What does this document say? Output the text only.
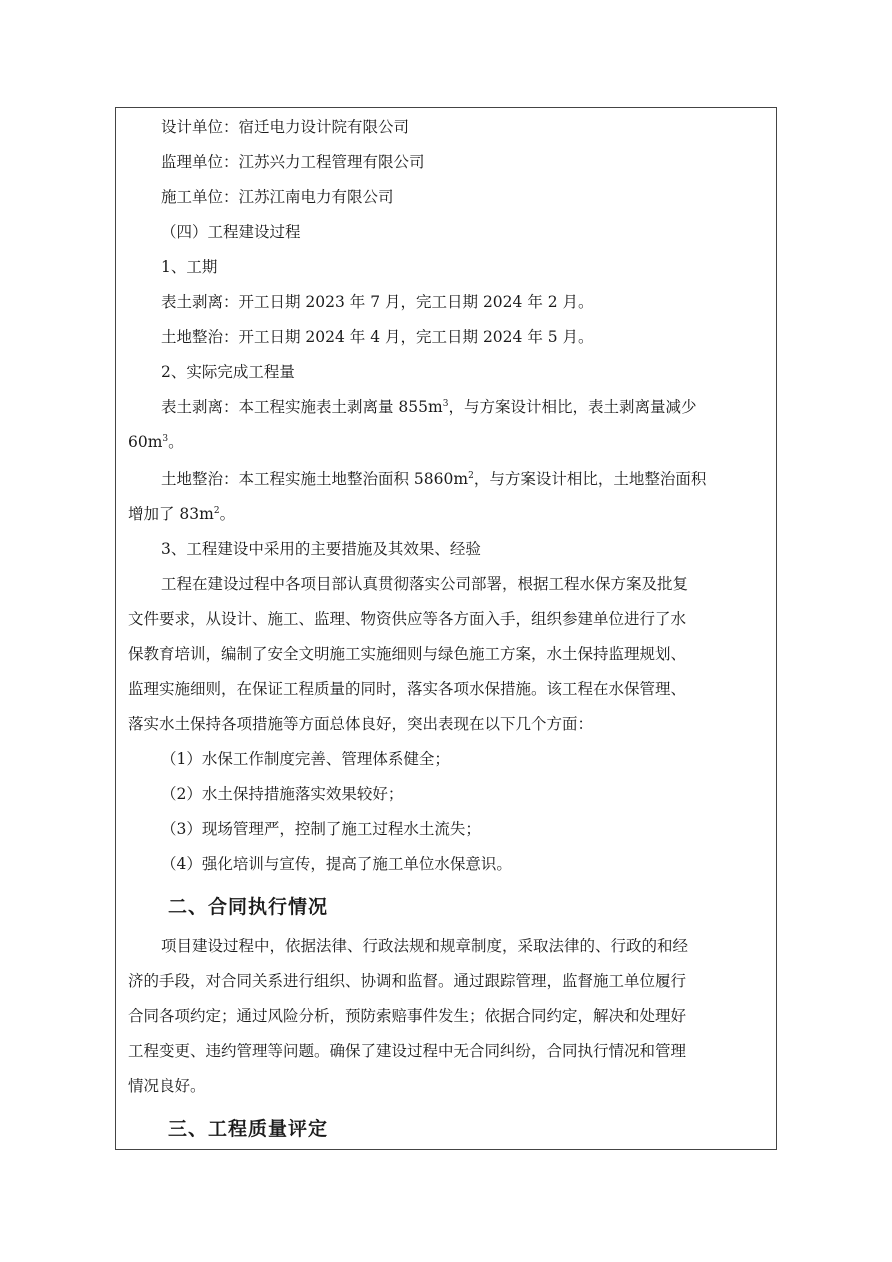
设计单位：宿迁电力设计院有限公司
监理单位：江苏兴力工程管理有限公司
施工单位：江苏江南电力有限公司
（四）工程建设过程
1、工期
表土剥离：开工日期 2023 年 7 月，完工日期 2024 年 2 月。
土地整治：开工日期 2024 年 4 月，完工日期 2024 年 5 月。
2、实际完成工程量
表土剥离：本工程实施表土剥离量 $855m^3$，与方案设计相比，表土剥离量减少
$60m^3$。
土地整治：本工程实施土地整治面积 $5860m^2$，与方案设计相比，土地整治面积
增加了 $83m^2$。
3、工程建设中采用的主要措施及其效果、经验
工程在建设过程中各项目部认真贯彻落实公司部署，根据工程水保方案及批复
文件要求，从设计、施工、监理、物资供应等各方面入手，组织参建单位进行了水
保教育培训，编制了安全文明施工实施细则与绿色施工方案，水土保持监理规划、
监理实施细则，在保证工程质量的同时，落实各项水保措施。该工程在水保管理、
落实水土保持各项措施等方面总体良好，突出表现在以下几个方面：
（1）水保工作制度完善、管理体系健全；
（2）水土保持措施落实效果较好；
（3）现场管理严，控制了施工过程水土流失；
（4）强化培训与宣传，提高了施工单位水保意识。
二、合同执行情况
项目建设过程中，依据法律、行政法规和规章制度，采取法律的、行政的和经
济的手段，对合同关系进行组织、协调和监督。通过跟踪管理，监督施工单位履行
合同各项约定；通过风险分析，预防索赔事件发生；依据合同约定，解决和处理好
工程变更、违约管理等问题。确保了建设过程中无合同纠纷，合同执行情况和管理
情况良好。
三、工程质量评定
